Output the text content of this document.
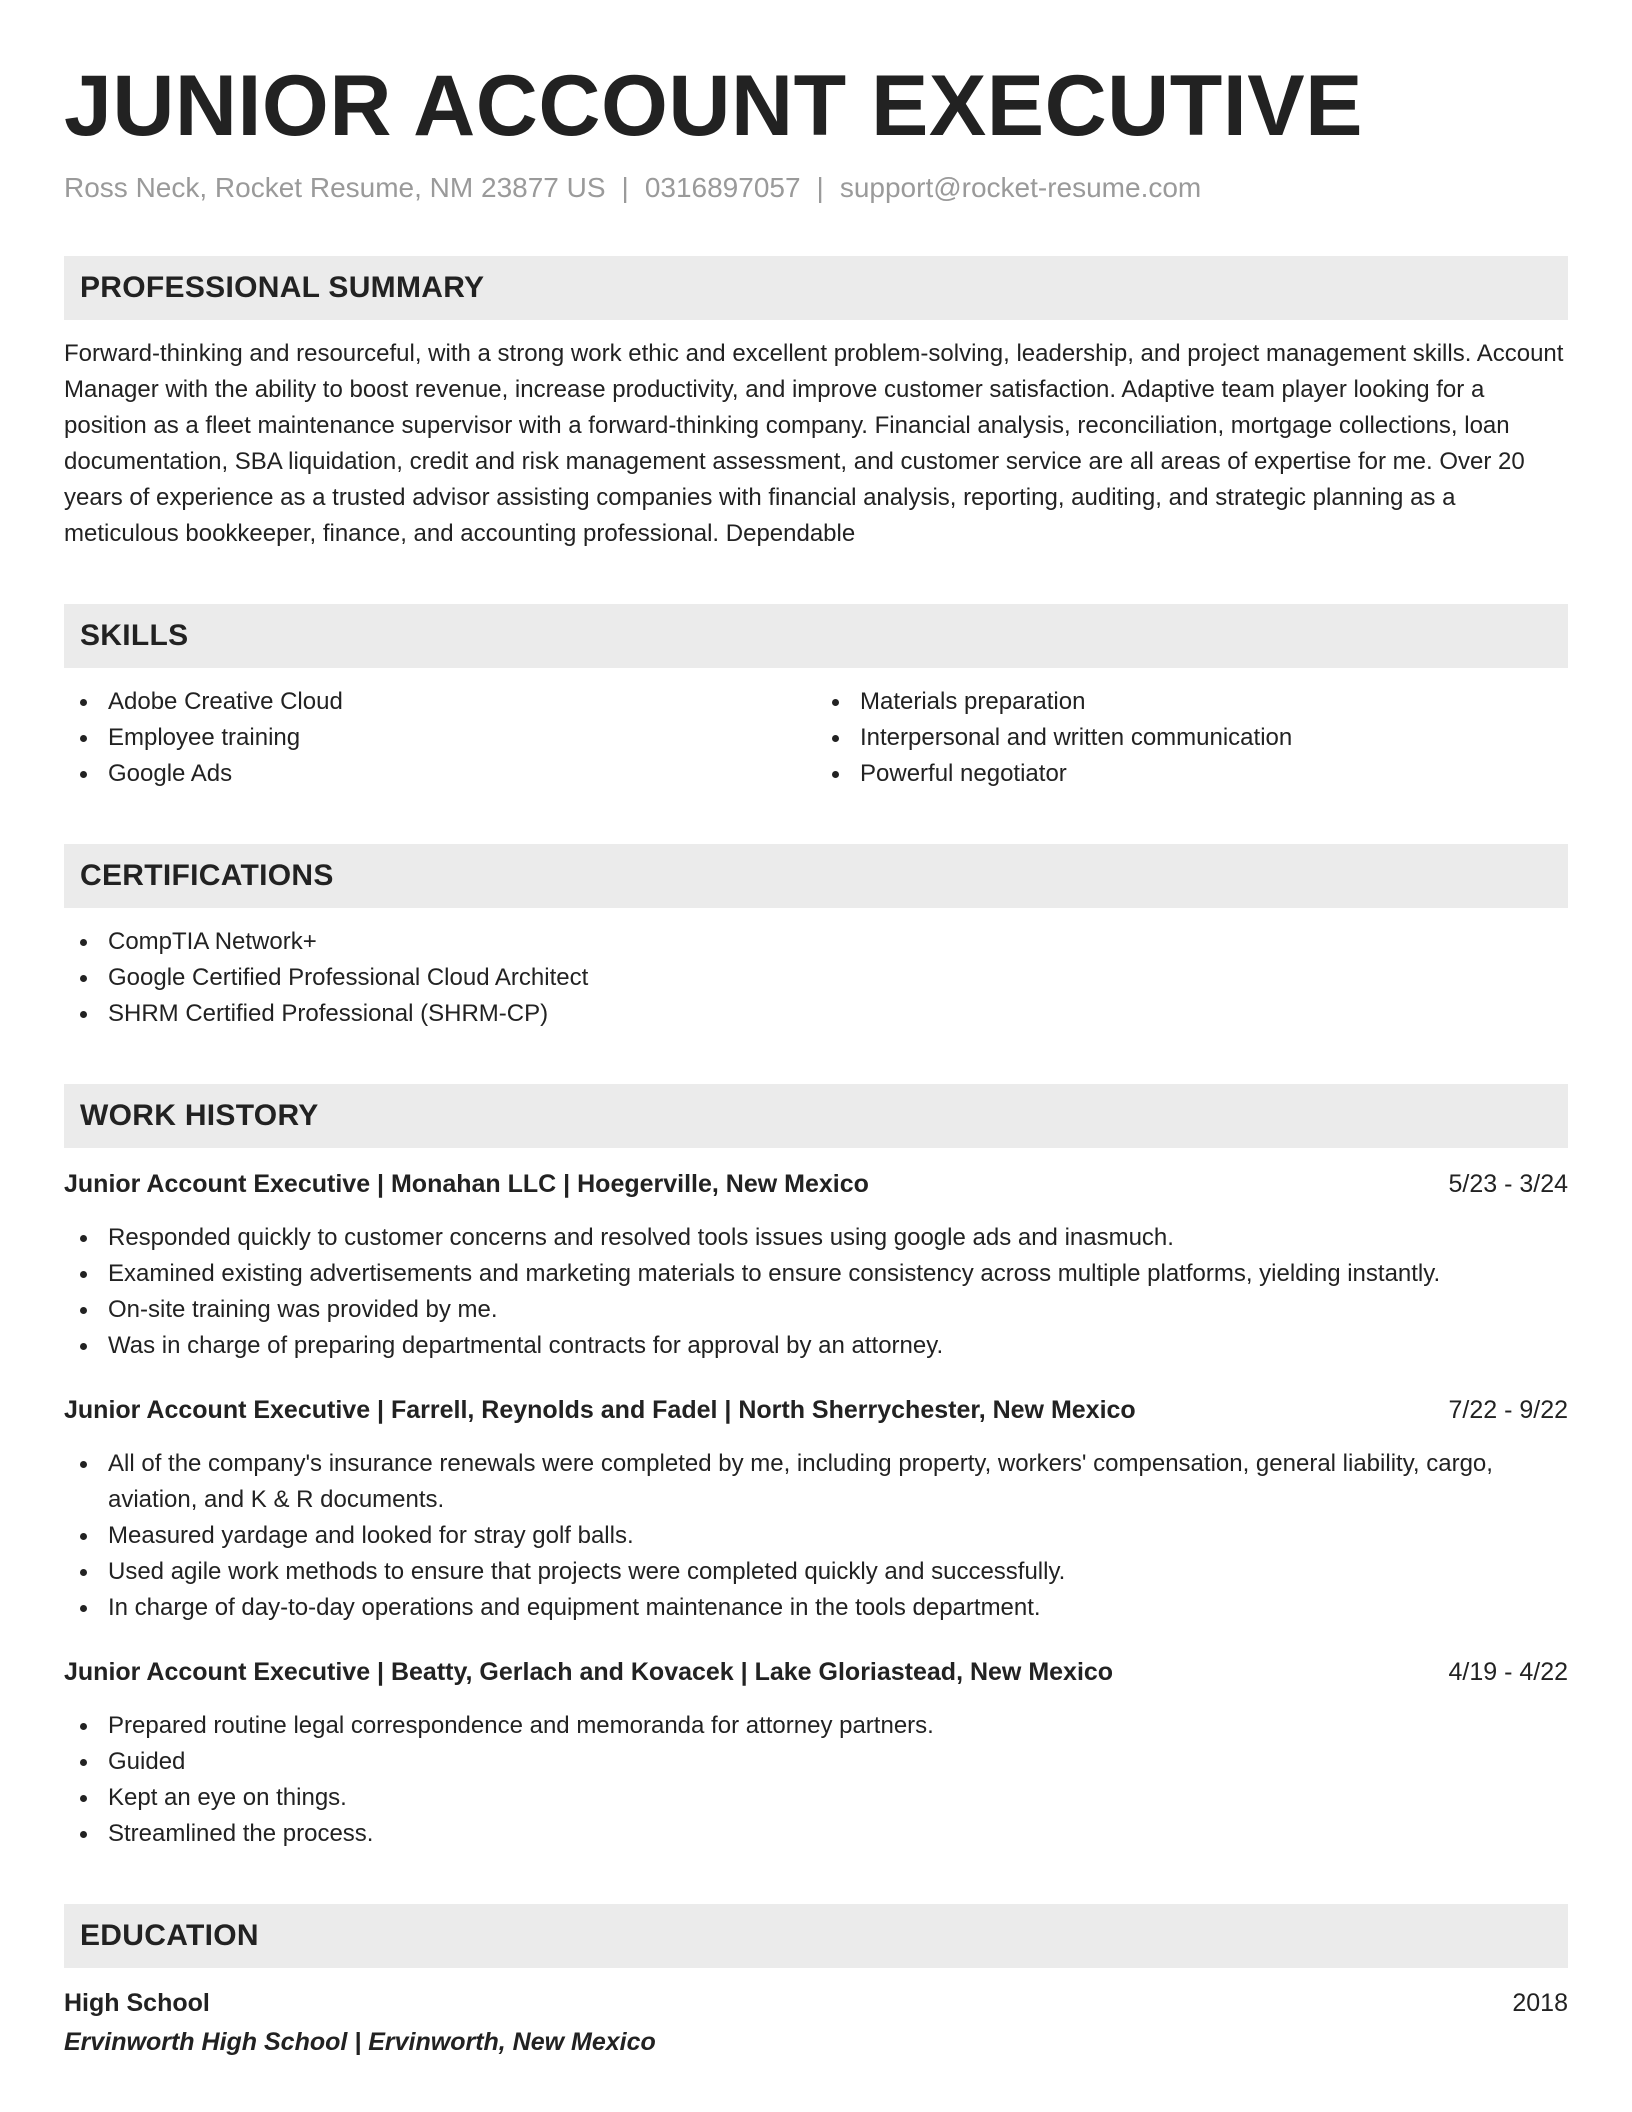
JUNIOR ACCOUNT EXECUTIVE
Ross Neck, Rocket Resume, NM 23877 US | 0316897057 | support@rocket-resume.com
PROFESSIONAL SUMMARY
Forward-thinking and resourceful, with a strong work ethic and excellent problem-solving, leadership, and project management skills. Account Manager with the ability to boost revenue, increase productivity, and improve customer satisfaction. Adaptive team player looking for a position as a fleet maintenance supervisor with a forward-thinking company. Financial analysis, reconciliation, mortgage collections, loan documentation, SBA liquidation, credit and risk management assessment, and customer service are all areas of expertise for me. Over 20 years of experience as a trusted advisor assisting companies with financial analysis, reporting, auditing, and strategic planning as a meticulous bookkeeper, finance, and accounting professional. Dependable
SKILLS
Adobe Creative Cloud
Employee training
Google Ads
Materials preparation
Interpersonal and written communication
Powerful negotiator
CERTIFICATIONS
CompTIA Network+
Google Certified Professional Cloud Architect
SHRM Certified Professional (SHRM-CP)
WORK HISTORY
Junior Account Executive | Monahan LLC | Hoegerville, New Mexico	5/23 - 3/24
Responded quickly to customer concerns and resolved tools issues using google ads and inasmuch.
Examined existing advertisements and marketing materials to ensure consistency across multiple platforms, yielding instantly.
On-site training was provided by me.
Was in charge of preparing departmental contracts for approval by an attorney.
Junior Account Executive | Farrell, Reynolds and Fadel | North Sherrychester, New Mexico	7/22 - 9/22
All of the company's insurance renewals were completed by me, including property, workers' compensation, general liability, cargo, aviation, and K & R documents.
Measured yardage and looked for stray golf balls.
Used agile work methods to ensure that projects were completed quickly and successfully.
In charge of day-to-day operations and equipment maintenance in the tools department.
Junior Account Executive | Beatty, Gerlach and Kovacek | Lake Gloriastead, New Mexico	4/19 - 4/22
Prepared routine legal correspondence and memoranda for attorney partners.
Guided
Kept an eye on things.
Streamlined the process.
EDUCATION
High School	2018
Ervinworth High School | Ervinworth, New Mexico
